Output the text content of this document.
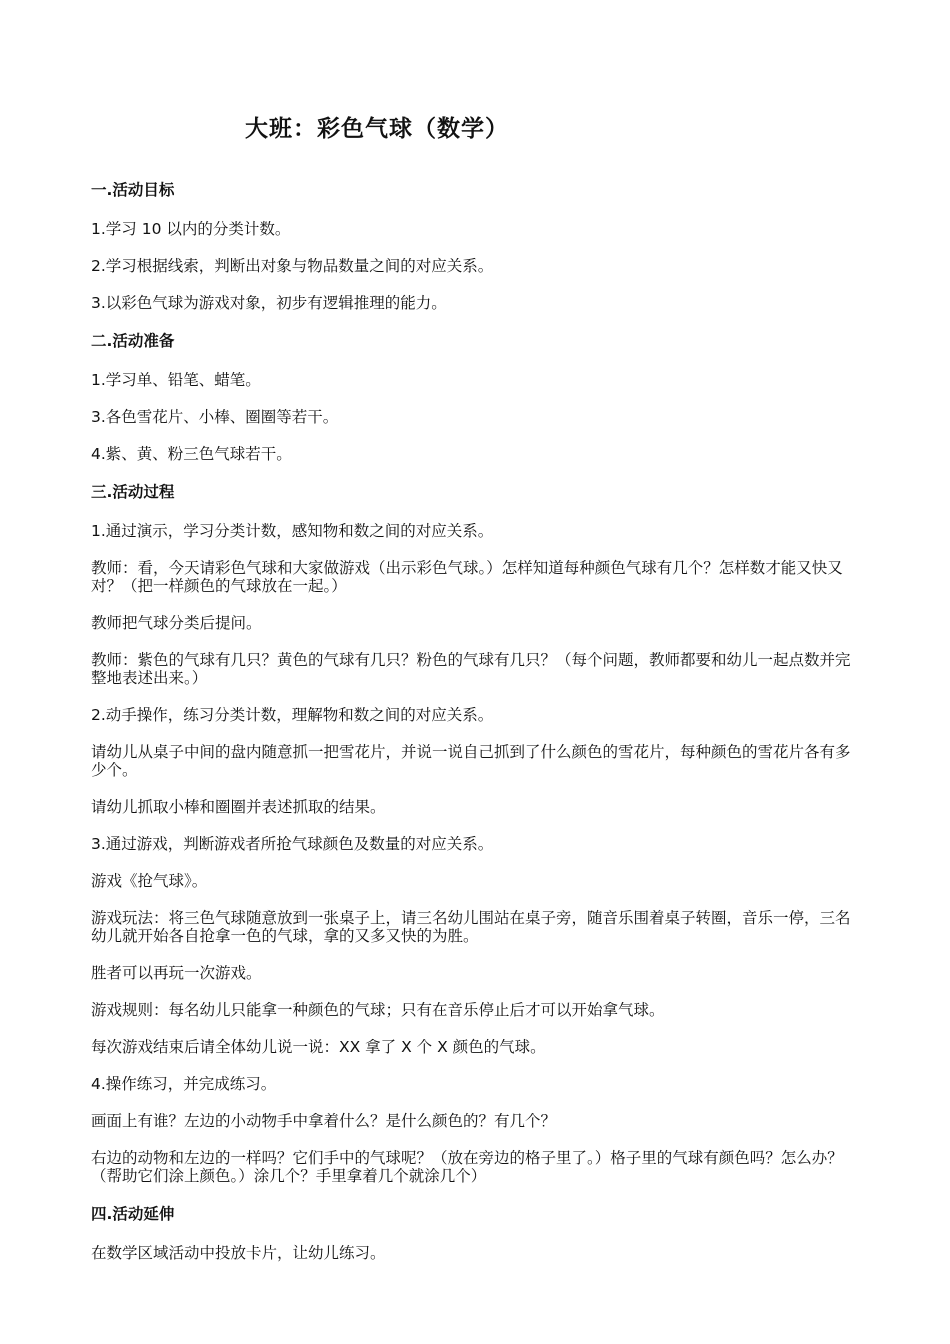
大班：彩色气球（数学）
一.活动目标

1.学习 10 以内的分类计数。

2.学习根据线索，判断出对象与物品数量之间的对应关系。

3.以彩色气球为游戏对象，初步有逻辑推理的能力。

二.活动准备

1.学习单、铅笔、蜡笔。

3.各色雪花片、小棒、圈圈等若干。

4.紫、黄、粉三色气球若干。

三.活动过程

1.通过演示，学习分类计数，感知物和数之间的对应关系。

教师：看，今天请彩色气球和大家做游戏（出示彩色气球。）怎样知道每种颜色气球有几个？怎样数才能又快又对？（把一样颜色的气球放在一起。）

教师把气球分类后提问。

教师：紫色的气球有几只？黄色的气球有几只？粉色的气球有几只？（每个问题，教师都要和幼儿一起点数并完整地表述出来。）

2.动手操作，练习分类计数，理解物和数之间的对应关系。

请幼儿从桌子中间的盘内随意抓一把雪花片，并说一说自己抓到了什么颜色的雪花片，每种颜色的雪花片各有多少个。

请幼儿抓取小棒和圈圈并表述抓取的结果。

3.通过游戏，判断游戏者所抢气球颜色及数量的对应关系。

游戏《抢气球》。

游戏玩法：将三色气球随意放到一张桌子上，请三名幼儿围站在桌子旁，随音乐围着桌子转圈，音乐一停，三名幼儿就开始各自抢拿一色的气球，拿的又多又快的为胜。

胜者可以再玩一次游戏。

游戏规则：每名幼儿只能拿一种颜色的气球；只有在音乐停止后才可以开始拿气球。

每次游戏结束后请全体幼儿说一说：XX 拿了 X 个 X 颜色的气球。

4.操作练习，并完成练习。

画面上有谁？左边的小动物手中拿着什么？是什么颜色的？有几个？

右边的动物和左边的一样吗？它们手中的气球呢？（放在旁边的格子里了。）格子里的气球有颜色吗？怎么办？（帮助它们涂上颜色。）涂几个？手里拿着几个就涂几个）

四.活动延伸

在数学区域活动中投放卡片，让幼儿练习。
